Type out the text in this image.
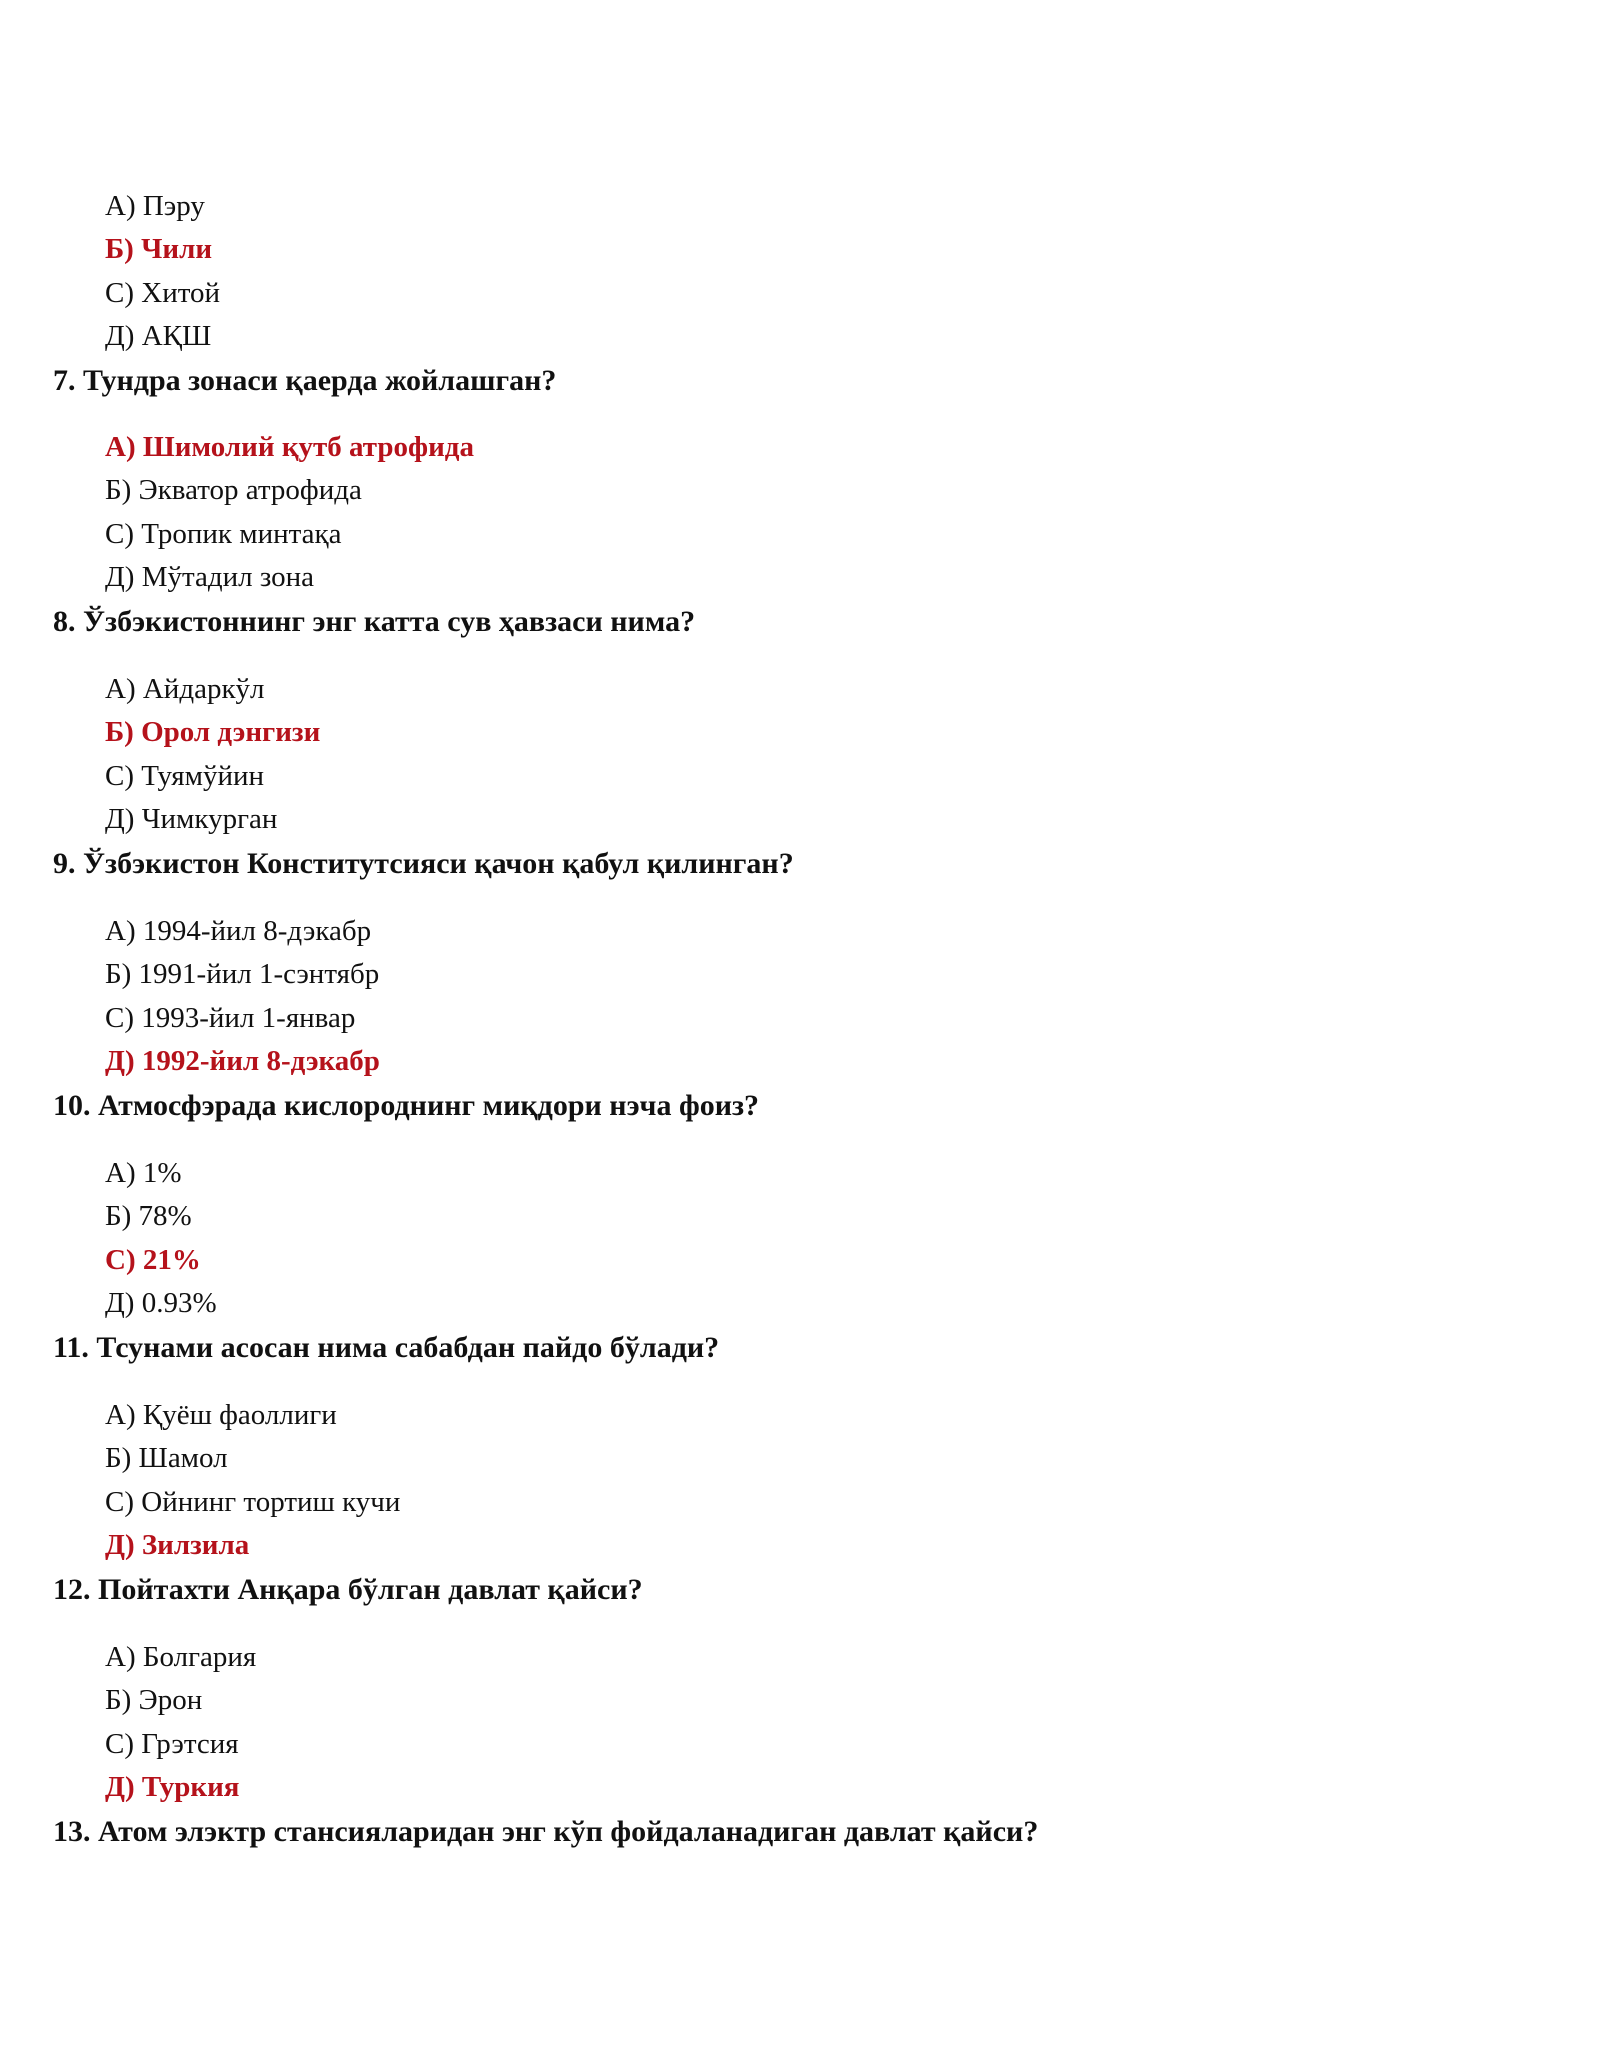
А) Пэру
Б) Чили
С) Хитой
Д) АҚШ
7. Тундра зонаси қаерда жойлашган?
А) Шимолий қутб атрофида
Б) Экватор атрофида
С) Тропик минтақа
Д) Мўтадил зона
8. Ўзбэкистоннинг энг катта сув ҳавзаси нима?
А) Айдаркўл
Б) Орол дэнгизи
С) Туямўйин
Д) Чимкурган
9. Ўзбэкистон Конститутсияси қачон қабул қилинган?
А) 1994-йил 8-дэкабр
Б) 1991-йил 1-сэнтябр
С) 1993-йил 1-январ
Д) 1992-йил 8-дэкабр
10. Атмосфэрада кислороднинг миқдори нэча фоиз?
А) 1%
Б) 78%
С) 21%
Д) 0.93%
11. Тсунами асосан нима сабабдан пайдо бўлади?
А) Қуёш фаоллиги
Б) Шамол
С) Ойнинг тортиш кучи
Д) Зилзила
12. Пойтахти Анқара бўлган давлат қайси?
А) Болгария
Б) Эрон
С) Грэтсия
Д) Туркия
13. Атом элэктр стансияларидан энг кўп фойдаланадиган давлат қайси?
